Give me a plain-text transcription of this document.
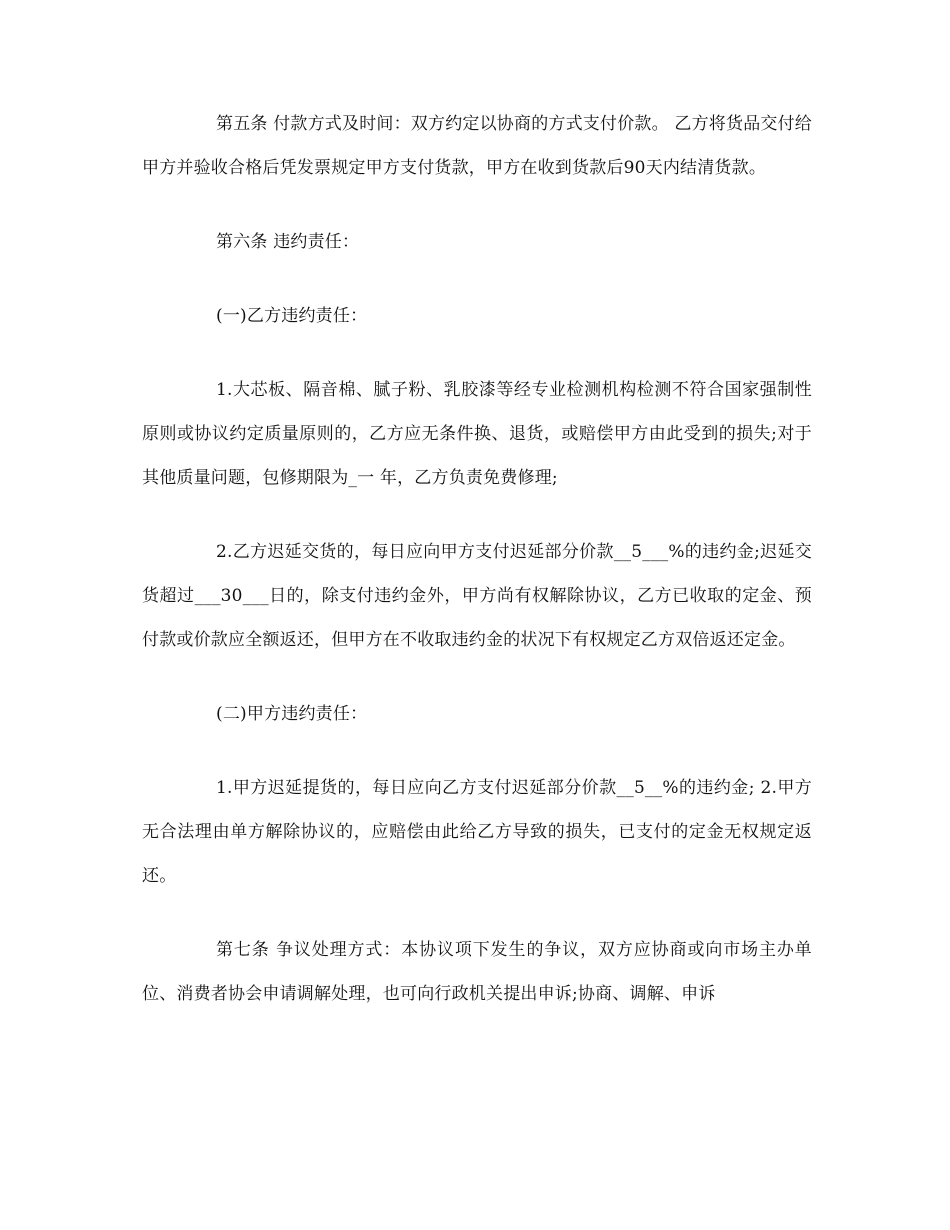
第五条 付款方式及时间：双方约定以协商的方式支付价款。 乙方将货品交付给甲方并验收合格后凭发票规定甲方支付货款，甲方在收到货款后90天内结清货款。

第六条 违约责任：

(一)乙方违约责任：

1.大芯板、隔音棉、腻子粉、乳胶漆等经专业检测机构检测不符合国家强制性原则或协议约定质量原则的，乙方应无条件换、退货，或赔偿甲方由此受到的损失;对于其他质量问题，包修期限为_一 年，乙方负责免费修理;

2.乙方迟延交货的，每日应向甲方支付迟延部分价款__5___%的违约金;迟延交货超过___30___日的，除支付违约金外，甲方尚有权解除协议，乙方已收取的定金、预付款或价款应全额返还，但甲方在不收取违约金的状况下有权规定乙方双倍返还定金。

(二)甲方违约责任：

1.甲方迟延提货的，每日应向乙方支付迟延部分价款__5__%的违约金; 2.甲方无合法理由单方解除协议的，应赔偿由此给乙方导致的损失，已支付的定金无权规定返还。

第七条 争议处理方式：本协议项下发生的争议，双方应协商或向市场主办单位、消费者协会申请调解处理，也可向行政机关提出申诉;协商、调解、申诉
